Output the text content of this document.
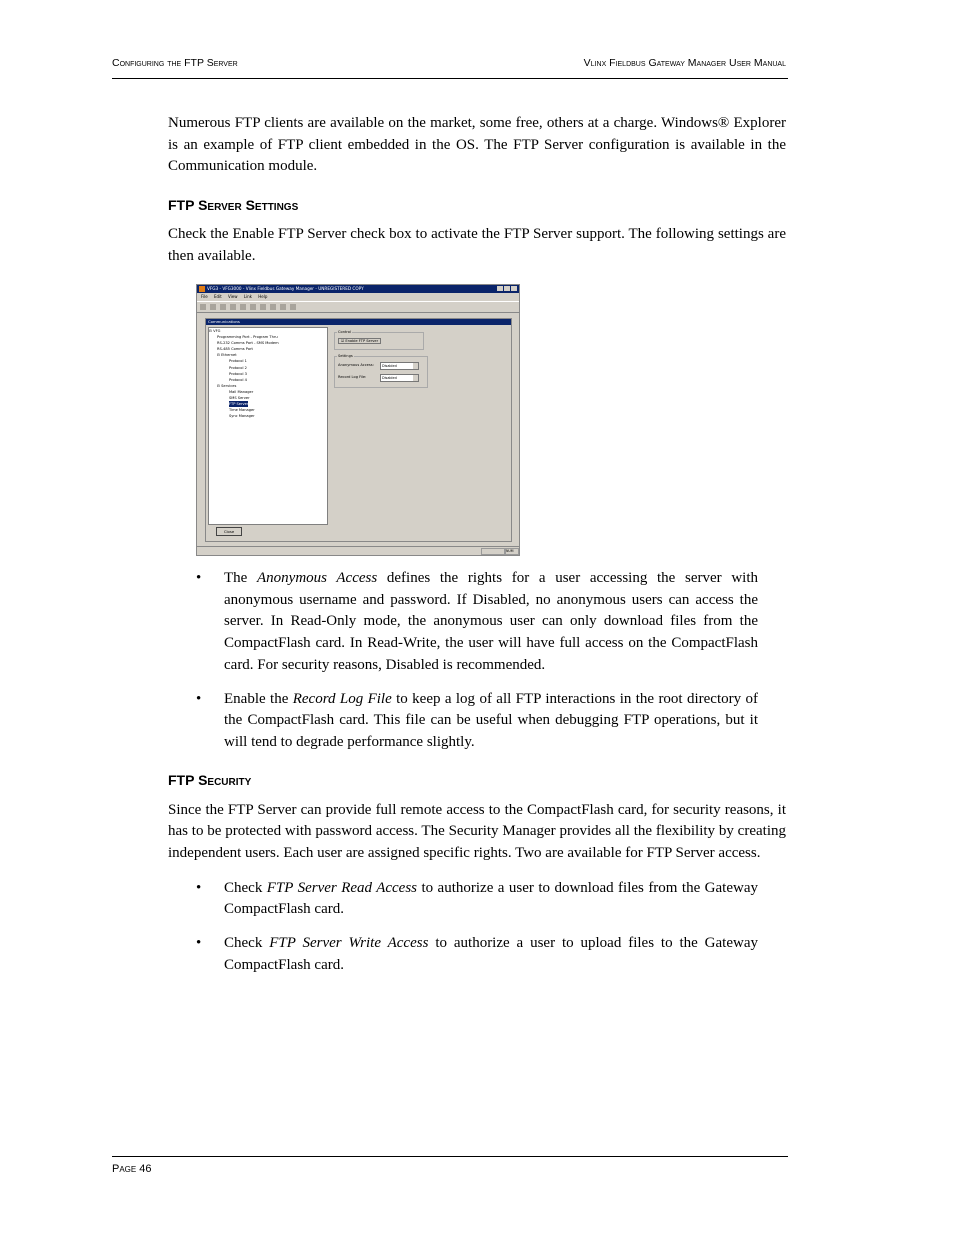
Configuring the FTP Server	Vlinx Fieldbus Gateway Manager User Manual

Numerous FTP clients are available on the market, some free, others at a charge. Windows® Explorer is an example of FTP client embedded in the OS. The FTP Server configuration is available in the Communication module.

FTP Server Settings

Check the Enable FTP Server check box to activate the FTP Server support. The following settings are then available.

VFG3 - VFG3000 - Vlinx Fieldbus Gateway Manager - UNREGISTERED COPY
File Edit View Link Help
Communications
⊟ VFG
Programming Port - Program Thru
RS-232 Comms Port - SMS Modem
RS-485 Comms Port
⊟ Ethernet
Protocol 1
Protocol 2
Protocol 3
Protocol 4
⊟ Services
Mail Manager
SMS Server
FTP Server
Time Manager
Sync Manager
Close
Control
☑ Enable FTP Server
Settings
Anonymous Access:	Disabled
Record Log File:	Disabled
NUM
• The Anonymous Access defines the rights for a user accessing the server with anonymous username and password. If Disabled, no anonymous users can access the server. In Read-Only mode, the anonymous user can only download files from the CompactFlash card. In Read-Write, the user will have full access on the CompactFlash card. For security reasons, Disabled is recommended.
• Enable the Record Log File to keep a log of all FTP interactions in the root directory of the CompactFlash card. This file can be useful when debugging FTP operations, but it will tend to degrade performance slightly.
FTP Security

Since the FTP Server can provide full remote access to the CompactFlash card, for security reasons, it has to be protected with password access. The Security Manager provides all the flexibility by creating independent users. Each user are assigned specific rights. Two are available for FTP Server access.

• Check FTP Server Read Access to authorize a user to download files from the Gateway CompactFlash card.
• Check FTP Server Write Access to authorize a user to upload files to the Gateway CompactFlash card.
Page 46
